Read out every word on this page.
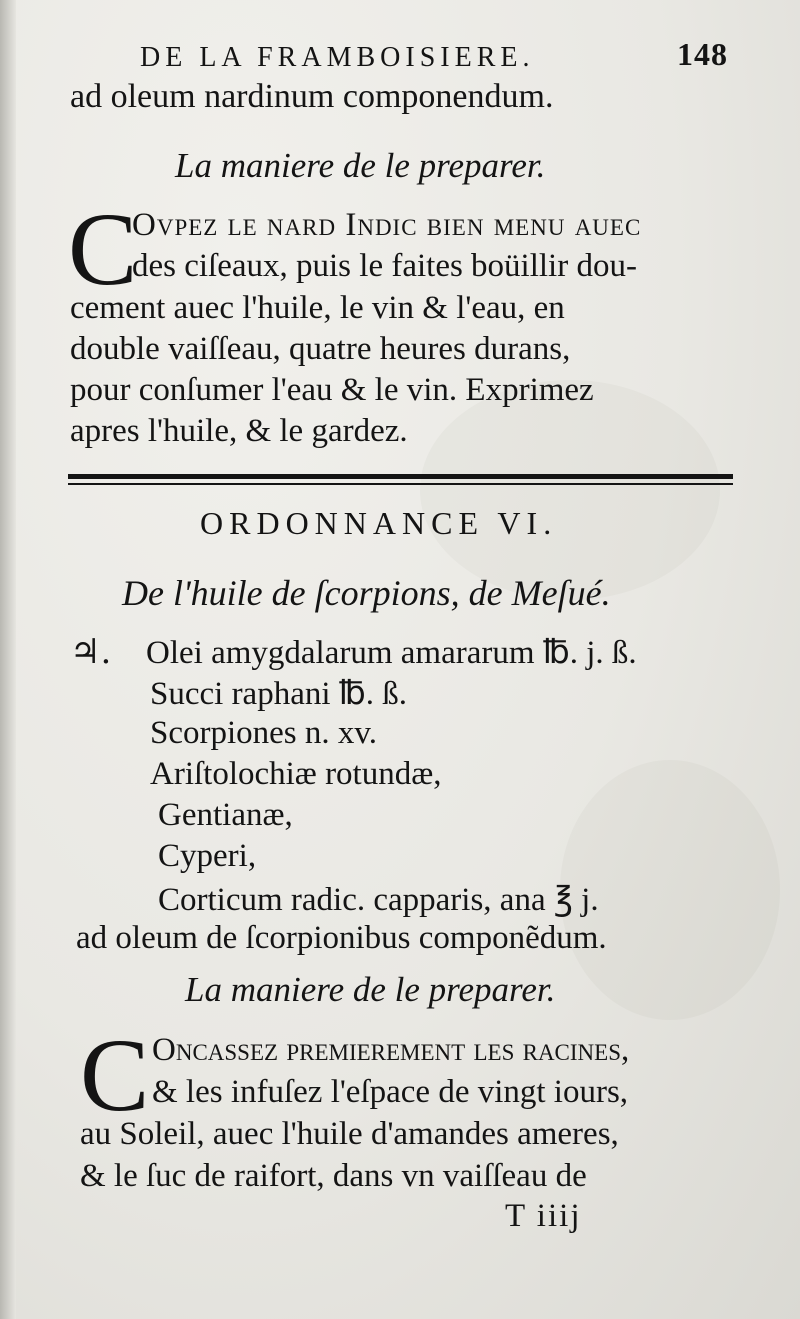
DE LA FRAMBOISIERE.	148
ad oleum nardinum componendum.
La maniere de le preparer.
C
Ovpez le nard Indic bien menu auec
des ciſeaux, puis le faites boüillir dou-
cement auec l'huile, le vin & l'eau, en
double vaiſſeau, quatre heures durans,
pour conſumer l'eau & le vin. Exprimez
apres l'huile, & le gardez.
ORDONNANCE VI.
De l'huile de ſcorpions, de Meſué.
♃. Olei amygdalarum amararum ℔. j. ß.
Succi raphani ℔. ß.
Scorpiones n. xv.
Ariſtolochiæ rotundæ,
Gentianæ,
Cyperi,
Corticum radic. capparis, ana ℥ j.
ad oleum de ſcorpionibus componẽdum.
La maniere de le preparer.
C Oncassez premierement les racines,
& les infuſez l'eſpace de vingt iours,
au Soleil, auec l'huile d'amandes ameres,
& le ſuc de raifort, dans vn vaiſſeau de
T iiij
